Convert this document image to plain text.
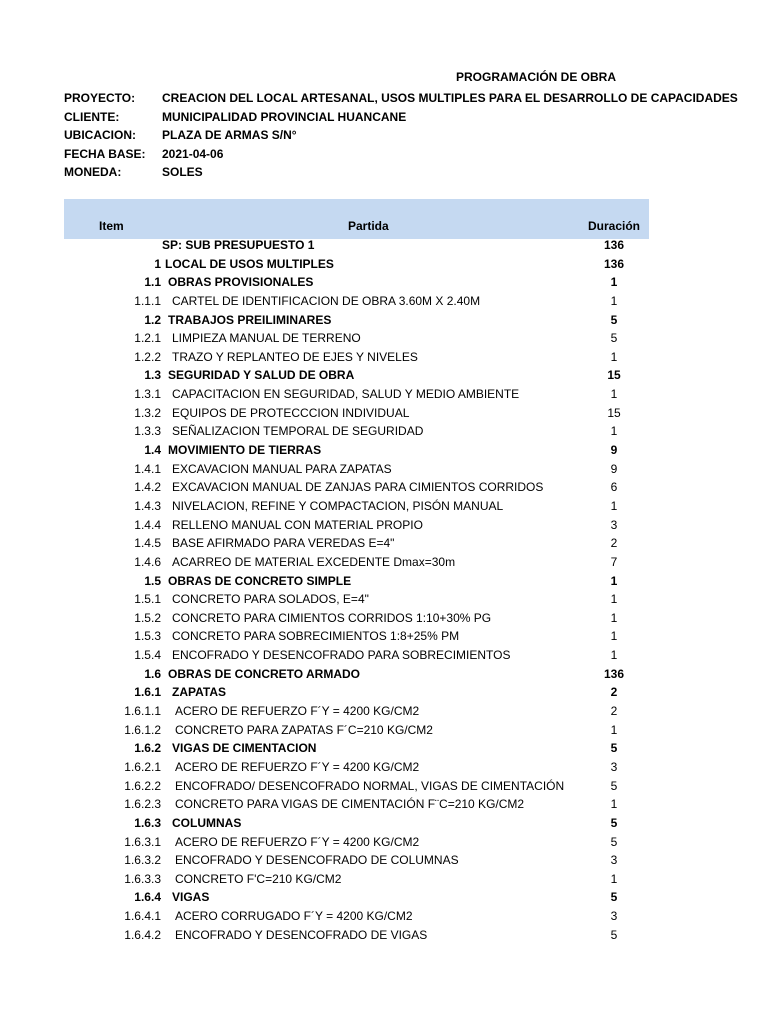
PROGRAMACIÓN DE OBRA
PROYECTO: CREACION DEL LOCAL ARTESANAL, USOS MULTIPLES PARA EL DESARROLLO DE CAPACIDADES
CLIENTE:	MUNICIPALIDAD PROVINCIAL HUANCANE
UBICACION: PLAZA DE ARMAS S/N°
FECHA BASE: 2021-04-06
MONEDA:	SOLES
Item	Partida	Duración
SP: SUB PRESUPUESTO 1	136
1 LOCAL DE USOS MULTIPLES	136
1.1 OBRAS PROVISIONALES	1
1.1.1 CARTEL DE IDENTIFICACION DE OBRA 3.60M X 2.40M	1
1.2 TRABAJOS PREILIMINARES	5
1.2.1 LIMPIEZA MANUAL DE TERRENO	5
1.2.2 TRAZO Y REPLANTEO DE EJES Y NIVELES	1
1.3 SEGURIDAD Y SALUD DE OBRA	15
1.3.1 CAPACITACION EN SEGURIDAD, SALUD Y MEDIO AMBIENTE	1
1.3.2 EQUIPOS DE PROTECCCION INDIVIDUAL	15
1.3.3 SEÑALIZACION TEMPORAL DE SEGURIDAD	1
1.4 MOVIMIENTO DE TIERRAS	9
1.4.1 EXCAVACION MANUAL PARA ZAPATAS	9
1.4.2 EXCAVACION MANUAL DE ZANJAS PARA CIMIENTOS CORRIDOS	6
1.4.3 NIVELACION, REFINE Y COMPACTACION, PISÓN MANUAL	1
1.4.4 RELLENO MANUAL CON MATERIAL PROPIO	3
1.4.5 BASE AFIRMADO PARA VEREDAS E=4"	2
1.4.6 ACARREO DE MATERIAL EXCEDENTE Dmax=30m	7
1.5 OBRAS DE CONCRETO SIMPLE	1
1.5.1 CONCRETO PARA SOLADOS, E=4"	1
1.5.2 CONCRETO PARA CIMIENTOS CORRIDOS 1:10+30% PG	1
1.5.3 CONCRETO PARA SOBRECIMIENTOS 1:8+25% PM	1
1.5.4 ENCOFRADO Y DESENCOFRADO PARA SOBRECIMIENTOS	1
1.6 OBRAS DE CONCRETO ARMADO	136
1.6.1 ZAPATAS	2
1.6.1.1 ACERO DE REFUERZO F´Y = 4200 KG/CM2	2
1.6.1.2 CONCRETO PARA ZAPATAS F´C=210 KG/CM2	1
1.6.2 VIGAS DE CIMENTACION	5
1.6.2.1 ACERO DE REFUERZO F´Y = 4200 KG/CM2	3
1.6.2.2 ENCOFRADO/ DESENCOFRADO NORMAL, VIGAS DE CIMENTACIÓN	5
1.6.2.3 CONCRETO PARA VIGAS DE CIMENTACIÓN F¨C=210 KG/CM2	1
1.6.3 COLUMNAS	5
1.6.3.1 ACERO DE REFUERZO F´Y = 4200 KG/CM2	5
1.6.3.2 ENCOFRADO Y DESENCOFRADO DE COLUMNAS	3
1.6.3.3 CONCRETO F'C=210 KG/CM2	1
1.6.4 VIGAS	5
1.6.4.1 ACERO CORRUGADO F´Y = 4200 KG/CM2	3
1.6.4.2 ENCOFRADO Y DESENCOFRADO DE VIGAS	5
